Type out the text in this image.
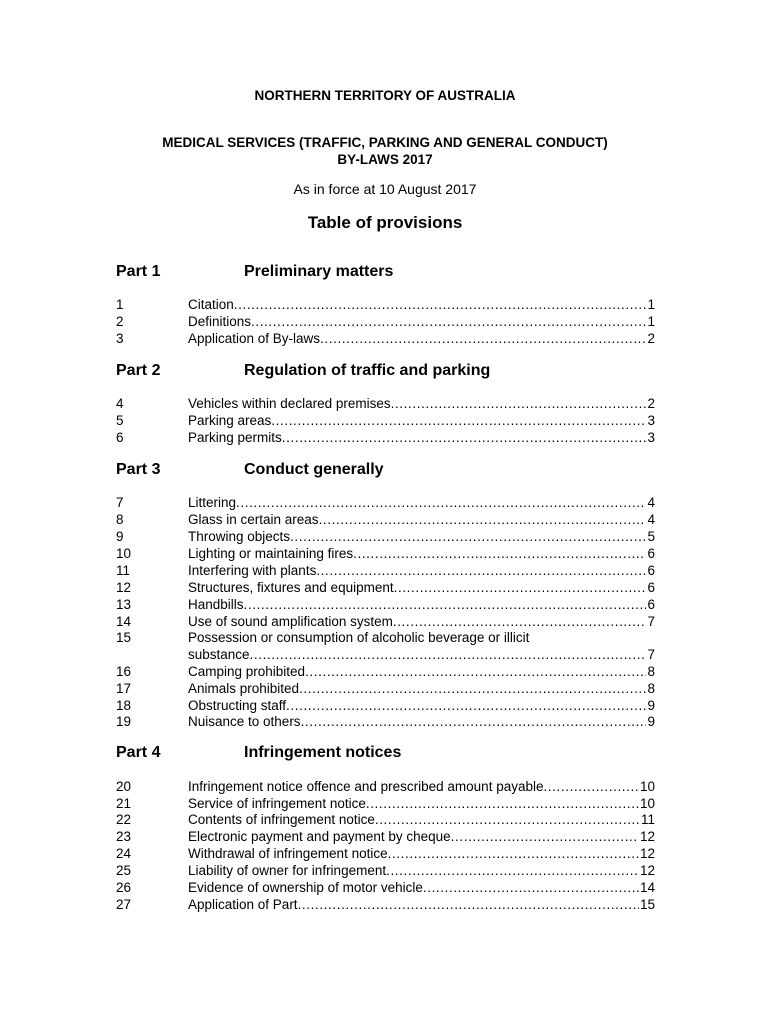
NORTHERN TERRITORY OF AUSTRALIA
MEDICAL SERVICES (TRAFFIC, PARKING AND GENERAL CONDUCT)
BY-LAWS 2017
As in force at 10 August 2017
Table of provisions
Part 1	Preliminary matters
1	Citation .....	1
2	Definitions .....	1
3	Application of By-laws .....	2
Part 2	Regulation of traffic and parking
4	Vehicles within declared premises .....	2
5	Parking areas .....	3
6	Parking permits .....	3
Part 3	Conduct generally
7	Littering .....	4
8	Glass in certain areas .....	4
9	Throwing objects .....	5
10	Lighting or maintaining fires .....	6
11	Interfering with plants .....	6
12	Structures, fixtures and equipment .....	6
13	Handbills .....	6
14	Use of sound amplification system .....	7
15	Possession or consumption of alcoholic beverage or illicit
substance .....	7
16	Camping prohibited .....	8
17	Animals prohibited .....	8
18	Obstructing staff .....	9
19	Nuisance to others .....	9
Part 4	Infringement notices
20	Infringement notice offence and prescribed amount payable .....	10
21	Service of infringement notice .....	10
22	Contents of infringement notice .....	11
23	Electronic payment and payment by cheque .....	12
24	Withdrawal of infringement notice .....	12
25	Liability of owner for infringement .....	12
26	Evidence of ownership of motor vehicle .....	14
27	Application of Part .....	15
